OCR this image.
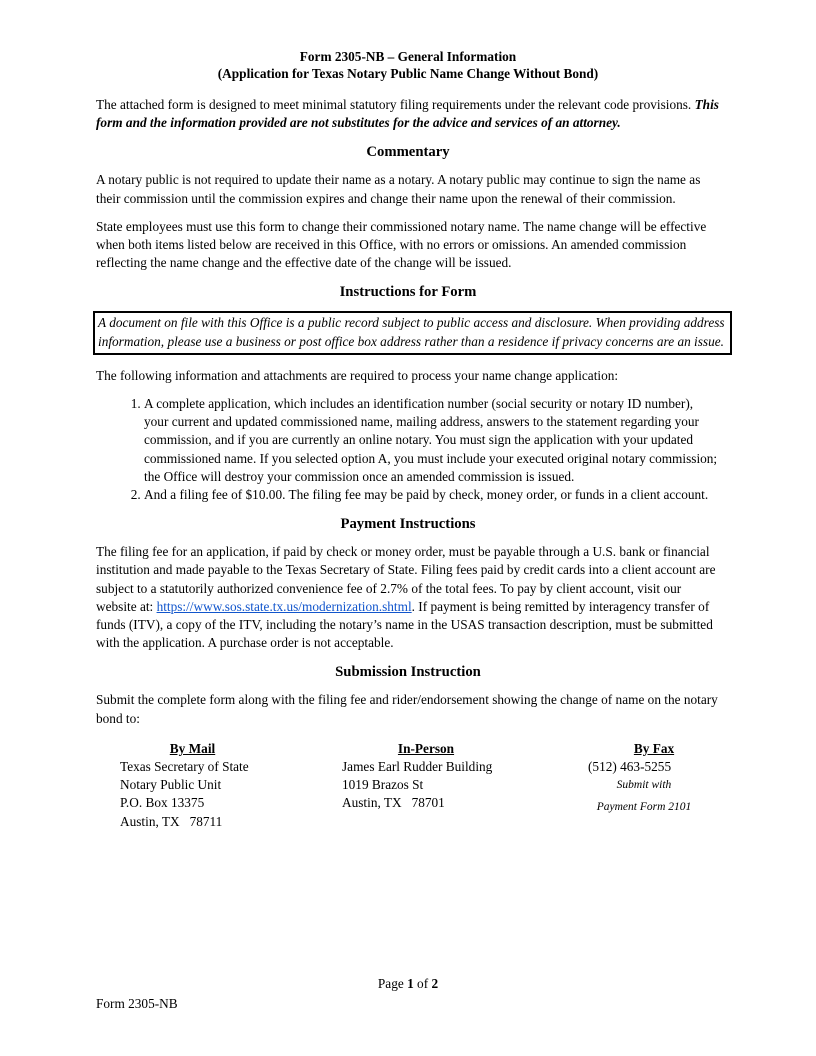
Form 2305-NB – General Information

(Application for Texas Notary Public Name Change Without Bond)

The attached form is designed to meet minimal statutory filing requirements under the relevant code provisions. This form and the information provided are not substitutes for the advice and services of an attorney.

Commentary

A notary public is not required to update their name as a notary. A notary public may continue to sign the name as their commission until the commission expires and change their name upon the renewal of their commission.

State employees must use this form to change their commissioned notary name. The name change will be effective when both items listed below are received in this Office, with no errors or omissions. An amended commission reflecting the name change and the effective date of the change will be issued.

Instructions for Form
A document on file with this Office is a public record subject to public access and disclosure. When providing address information, please use a business or post office box address rather than a residence if privacy concerns are an issue.

The following information and attachments are required to process your name change application:

1. A complete application, which includes an identification number (social security or notary ID number), your current and updated commissioned name, mailing address, answers to the statement regarding your commission, and if you are currently an online notary. You must sign the application with your updated commissioned name. If you selected option A, you must include your executed original notary commission; the Office will destroy your commission once an amended commission is issued.
2. And a filing fee of $10.00. The filing fee may be paid by check, money order, or funds in a client account.
Payment Instructions

The filing fee for an application, if paid by check or money order, must be payable through a U.S. bank or financial institution and made payable to the Texas Secretary of State. Filing fees paid by credit cards into a client account are subject to a statutorily authorized convenience fee of 2.7% of the total fees. To pay by client account, visit our website at: https://www.sos.state.tx.us/modernization.shtml. If payment is being remitted by interagency transfer of funds (ITV), a copy of the ITV, including the notary’s name in the USAS transaction description, must be submitted with the application. A purchase order is not acceptable.

Submission Instruction

Submit the complete form along with the filing fee and rider/endorsement showing the change of name on the notary bond to:

By Mail
Texas Secretary of State
Notary Public Unit
P.O. Box 13375
Austin, TX   78711
In-Person
James Earl Rudder Building
1019 Brazos St
Austin, TX   78701
By Fax
(512) 463-5255
Submit with
Payment Form 2101
Page 1 of 2
Form 2305-NB
